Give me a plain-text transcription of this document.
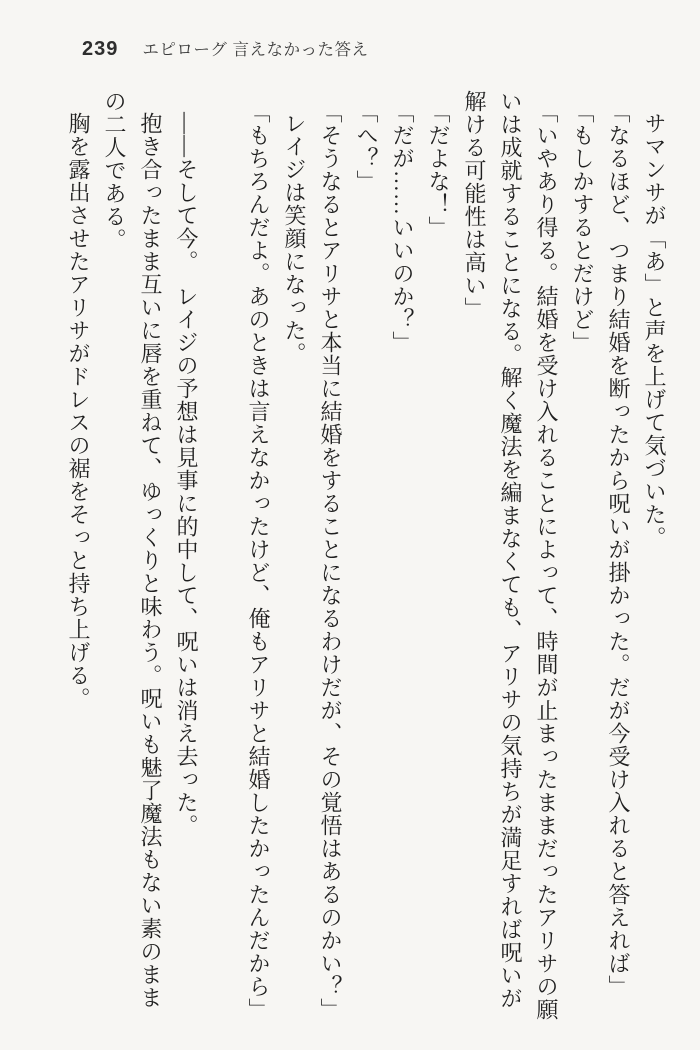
239 エピローグ 言えなかった答え

サマンサが「あ」と声を上げて気づいた。

「なるほど、つまり結婚を断ったから呪いが掛かった。だが今受け入れると答えれば」

「もしかするとだけど」

「いやあり得る。結婚を受け入れることによって、時間が止まったままだったアリサの願

いは成就することになる。解く魔法を編まなくても、アリサの気持ちが満足すれば呪いが

解ける可能性は高い」

「だよな！」

「だが……いいのか？」

「へ？」

「そうなるとアリサと本当に結婚をすることになるわけだが、その覚悟はあるのかい？」

レイジは笑顔になった。

「もちろんだよ。あのときは言えなかったけど、俺もアリサと結婚したかったんだから」

――そして今。　レイジの予想は見事に的中して、呪いは消え去った。

抱き合ったまま互いに唇を重ねて、ゆっくりと味わう。呪いも魅了魔法もない素のまま

の二人である。

胸を露出させたアリサがドレスの裾をそっと持ち上げる。
